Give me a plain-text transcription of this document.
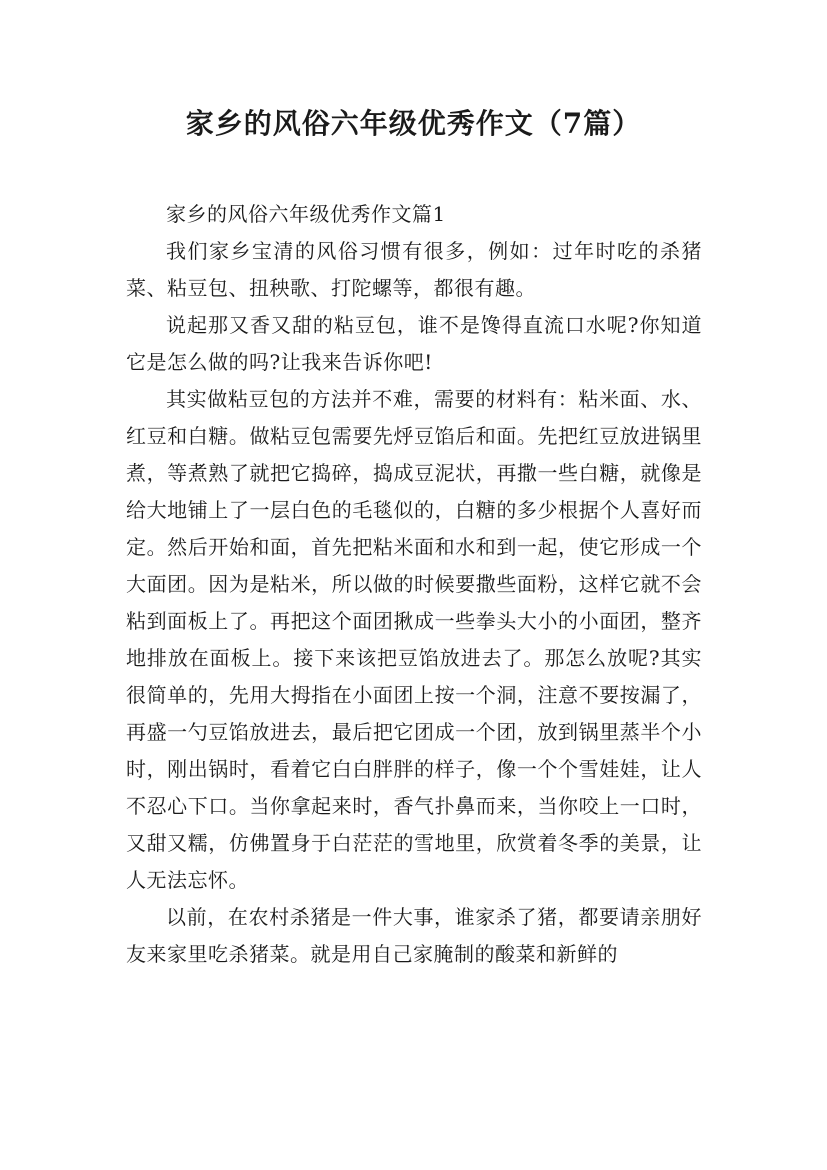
家乡的风俗六年级优秀作文（7篇）

家乡的风俗六年级优秀作文篇1

我们家乡宝清的风俗习惯有很多，例如：过年时吃的杀猪菜、粘豆包、扭秧歌、打陀螺等，都很有趣。

说起那又香又甜的粘豆包，谁不是馋得直流口水呢?你知道它是怎么做的吗?让我来告诉你吧!

其实做粘豆包的方法并不难，需要的材料有：粘米面、水、红豆和白糖。做粘豆包需要先烀豆馅后和面。先把红豆放进锅里煮，等煮熟了就把它捣碎，捣成豆泥状，再撒一些白糖，就像是给大地铺上了一层白色的毛毯似的，白糖的多少根据个人喜好而定。然后开始和面，首先把粘米面和水和到一起，使它形成一个大面团。因为是粘米，所以做的时候要撒些面粉，这样它就不会粘到面板上了。再把这个面团揪成一些拳头大小的小面团，整齐地排放在面板上。接下来该把豆馅放进去了。那怎么放呢?其实很简单的，先用大拇指在小面团上按一个洞，注意不要按漏了，再盛一勺豆馅放进去，最后把它团成一个团，放到锅里蒸半个小时，刚出锅时，看着它白白胖胖的样子，像一个个雪娃娃，让人不忍心下口。当你拿起来时，香气扑鼻而来，当你咬上一口时，又甜又糯，仿佛置身于白茫茫的雪地里，欣赏着冬季的美景，让人无法忘怀。

以前，在农村杀猪是一件大事，谁家杀了猪，都要请亲朋好友来家里吃杀猪菜。就是用自己家腌制的酸菜和新鲜的
